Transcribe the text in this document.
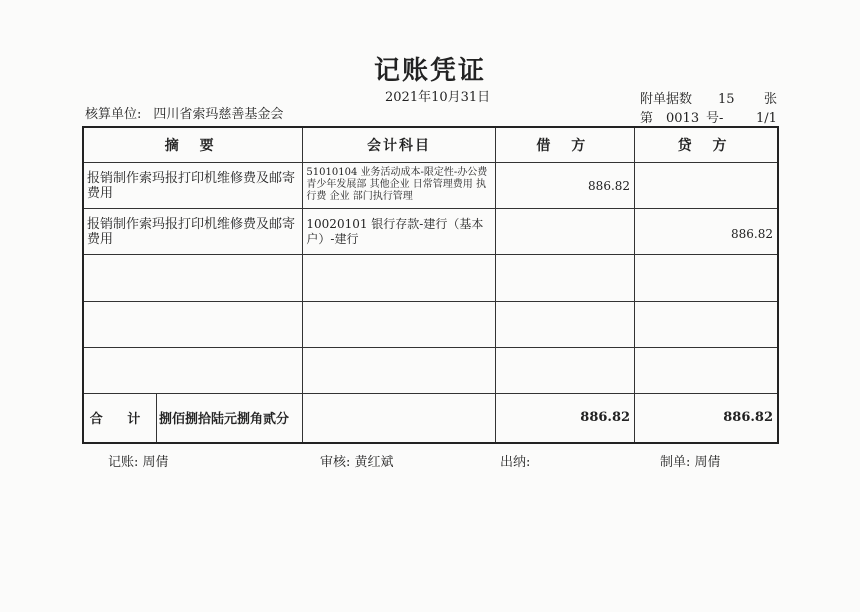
记账凭证
2021年10月31日
核算单位: 四川省索玛慈善基金会
附单据数 15 张
第 0013 号-	1/1
摘 要	会计科目	借 方	贷 方
报销制作索玛报打印机维修费及邮寄费用	51010104 业务活动成本-限定性-办公费 青少年发展部 其他企业 日常管理费用 执行费 企业 部门执行管理	886.82	
报销制作索玛报打印机维修费及邮寄费用	10020101 银行存款-建行（基本户）-建行		886.82

合 计 捌佰捌拾陆元捌角贰分		886.82	886.82
记账: 周倩	审核: 黄红斌	出纳:	制单: 周倩
